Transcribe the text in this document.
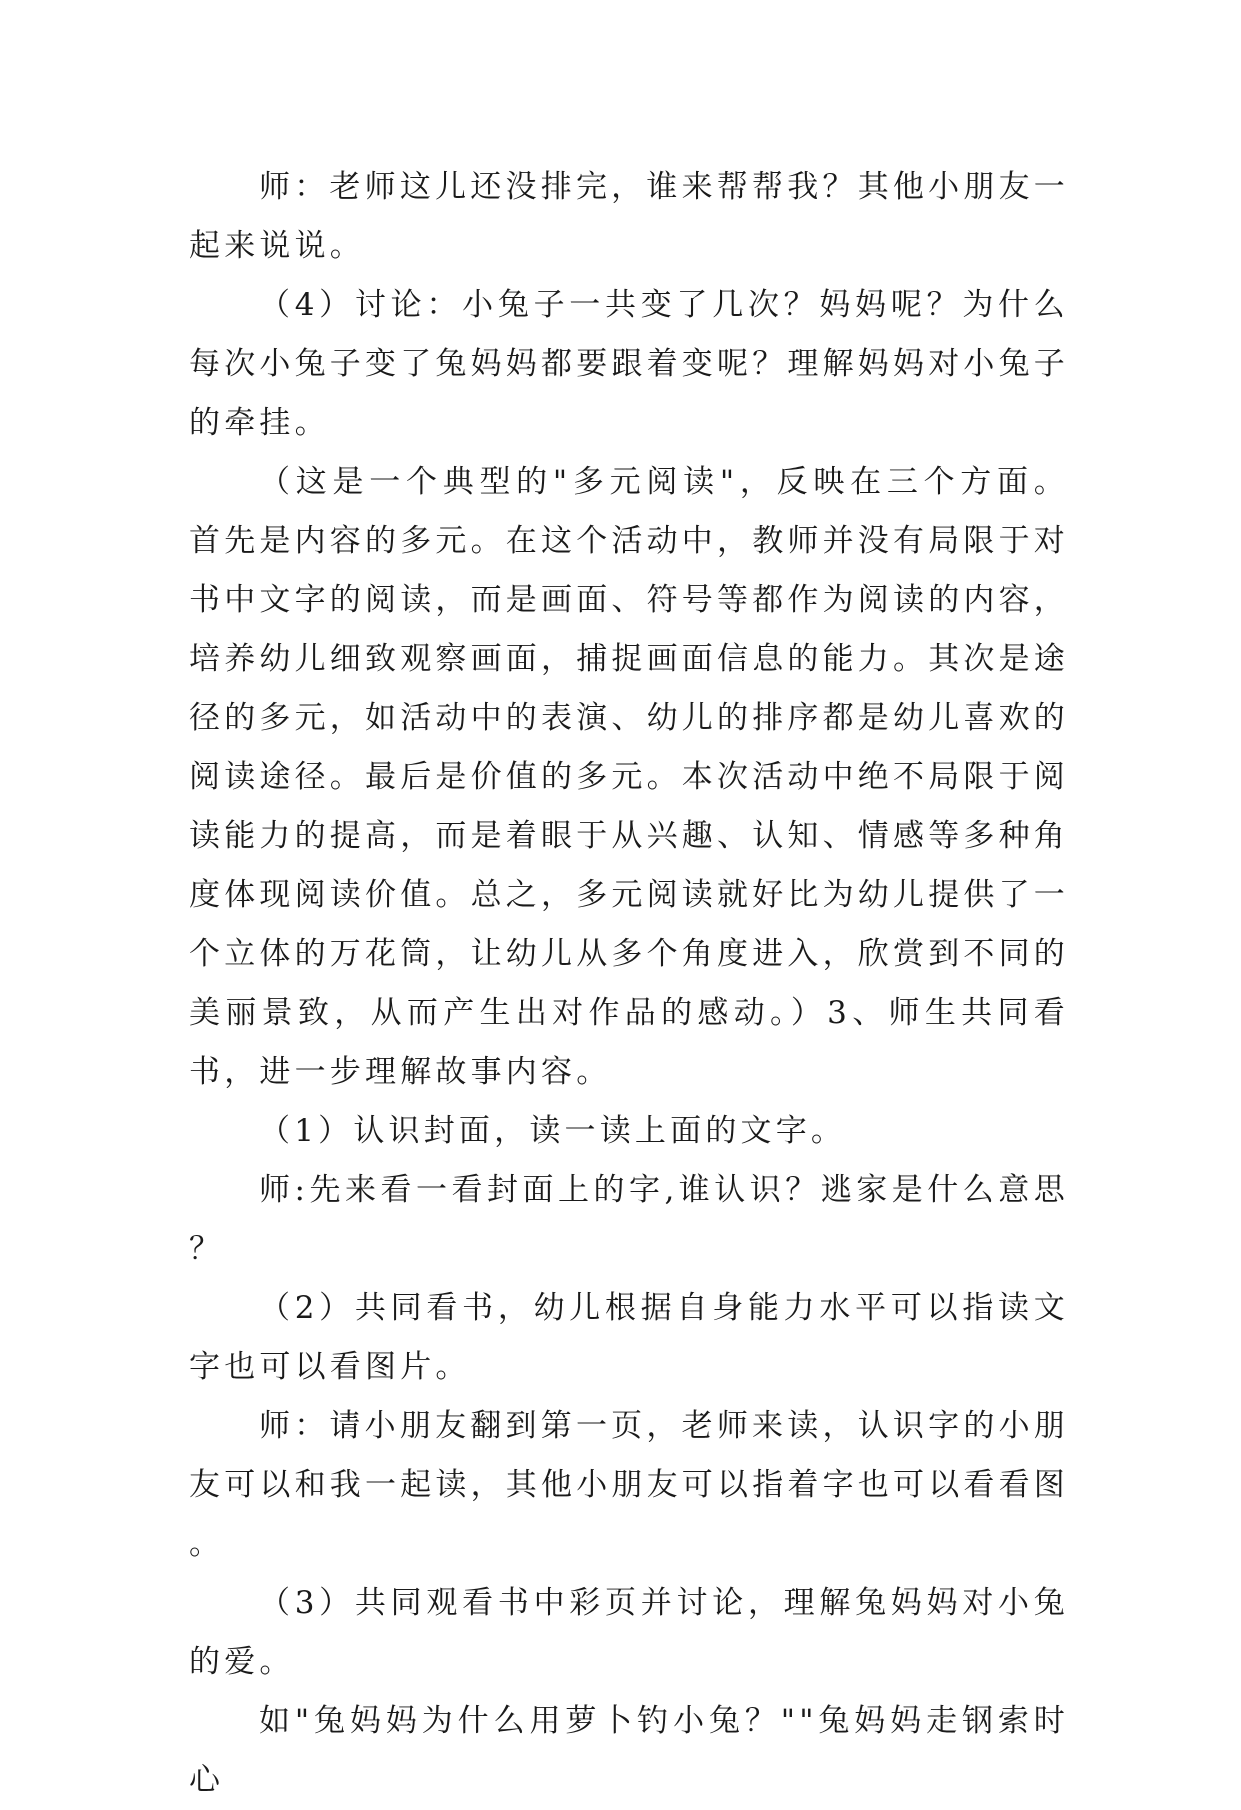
师：老师这儿还没排完，谁来帮帮我？其他小朋友一起来说说。

（4）讨论：小兔子一共变了几次？妈妈呢？为什么每次小兔子变了兔妈妈都要跟着变呢？理解妈妈对小兔子的牵挂。

（这是一个典型的"多元阅读"，反映在三个方面。首先是内容的多元。在这个活动中，教师并没有局限于对书中文字的阅读，而是画面、符号等都作为阅读的内容，培养幼儿细致观察画面，捕捉画面信息的能力。其次是途径的多元，如活动中的表演、幼儿的排序都是幼儿喜欢的阅读途径。最后是价值的多元。本次活动中绝不局限于阅读能力的提高，而是着眼于从兴趣、认知、情感等多种角度体现阅读价值。总之，多元阅读就好比为幼儿提供了一个立体的万花筒，让幼儿从多个角度进入，欣赏到不同的美丽景致，从而产生出对作品的感动。）3、师生共同看书，进一步理解故事内容。

（1）认识封面，读一读上面的文字。

师:先来看一看封面上的字,谁认识？逃家是什么意思？

（2）共同看书，幼儿根据自身能力水平可以指读文字也可以看图片。

师：请小朋友翻到第一页，老师来读，认识字的小朋友可以和我一起读，其他小朋友可以指着字也可以看看图。

（3）共同观看书中彩页并讨论，理解兔妈妈对小兔的爱。

如"兔妈妈为什么用萝卜钓小兔？""兔妈妈走钢索时心
